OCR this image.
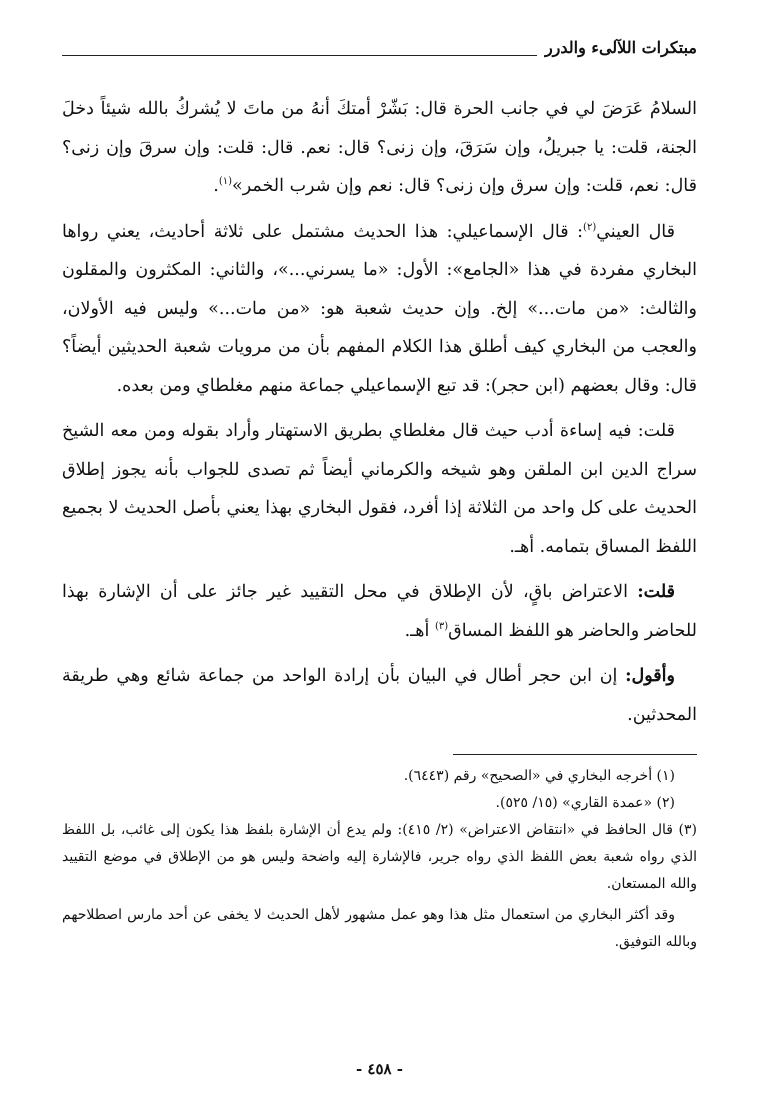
مبتكرات اللآلىء والدرر

السلامُ عَرَضَ لي في جانب الحرة قال: بَشّرْ أمتكَ أنهُ من ماتَ لا يُشركُ بالله شيئاً دخلَ الجنة، قلت: يا جبريلُ، وإن سَرَقَ، وإن زنى؟ قال: نعم. قال: قلت: وإن سرقَ وإن زنى؟ قال: نعم، قلت: وإن سرق وإن زنى؟ قال: نعم وإن شرب الخمر»$^{(١)}$.

قال العيني$^{(٢)}$: قال الإسماعيلي: هذا الحديث مشتمل على ثلاثة أحاديث، يعني رواها البخاري مفردة في هذا «الجامع»: الأول: «ما يسرني...»، والثاني: المكثرون والمقلون والثالث: «من مات...» إلخ. وإن حديث شعبة هو: «من مات...» وليس فيه الأولان، والعجب من البخاري كيف أطلق هذا الكلام المفهم بأن من مرويات شعبة الحديثين أيضاً؟ قال: وقال بعضهم (ابن حجر): قد تبع الإسماعيلي جماعة منهم مغلطاي ومن بعده.

قلت: فيه إساءة أدب حيث قال مغلطاي بطريق الاستهتار وأراد بقوله ومن معه الشيخ سراج الدين ابن الملقن وهو شيخه والكرماني أيضاً ثم تصدى للجواب بأنه يجوز إطلاق الحديث على كل واحد من الثلاثة إذا أفرد، فقول البخاري بهذا يعني بأصل الحديث لا بجميع اللفظ المساق بتمامه. أهـ.

قلت: الاعتراض باقٍ، لأن الإطلاق في محل التقييد غير جائز على أن الإشارة بهذا للحاضر والحاضر هو اللفظ المساق$^{(٣)}$ أهـ.

وأقول: إن ابن حجر أطال في البيان بأن إرادة الواحد من جماعة شائع وهي طريقة المحدثين.

(١) أخرجه البخاري في «الصحيح» رقم (٦٤٤٣).

(٢) «عمدة القاري» (١٥/ ٥٢٥).

(٣) قال الحافظ في «انتقاض الاعتراض» (٢/ ٤١٥): ولم يدع أن الإشارة بلفظ هذا يكون إلى غائب، بل اللفظ الذي رواه شعبة بعض اللفظ الذي رواه جرير، فالإشارة إليه واضحة وليس هو من الإطلاق في موضع التقييد والله المستعان.

وقد أكثر البخاري من استعمال مثل هذا وهو عمل مشهور لأهل الحديث لا يخفى عن أحد مارس اصطلاحهم وبالله التوفيق.

- ٤٥٨ -
